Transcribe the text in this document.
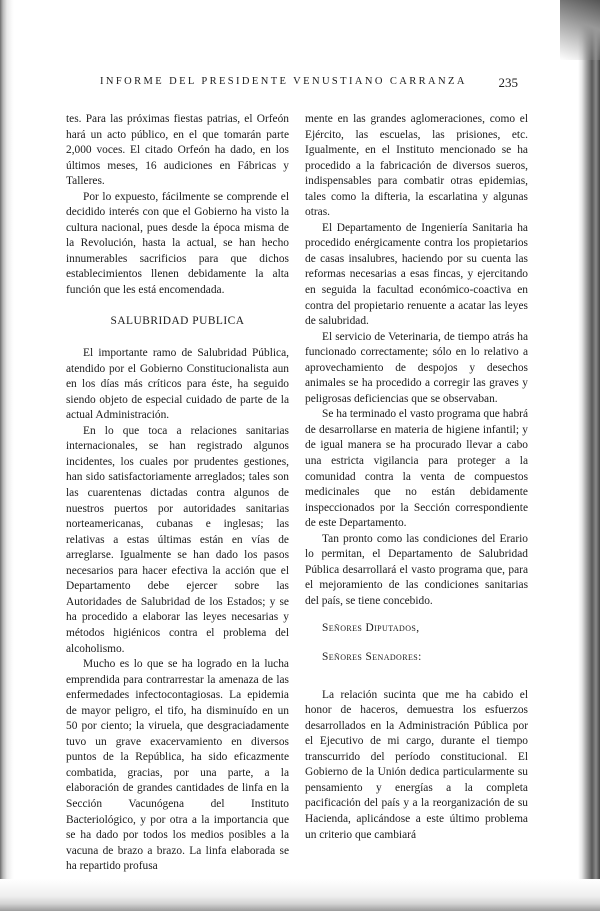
INFORME DEL PRESIDENTE VENUSTIANO CARRANZA 235

tes. Para las próximas fiestas patrias, el Orfeón hará un acto público, en el que tomarán parte 2,000 voces. El citado Orfeón ha dado, en los últimos meses, 16 audiciones en Fábricas y Talleres.

Por lo expuesto, fácilmente se comprende el decidido interés con que el Gobierno ha visto la cultura nacional, pues desde la época misma de la Revolución, hasta la actual, se han hecho innumerables sacrificios para que dichos establecimientos llenen debidamente la alta función que les está encomendada.

SALUBRIDAD PUBLICA

El importante ramo de Salubridad Pública, atendido por el Gobierno Constitucionalista aun en los días más críticos para éste, ha seguido siendo objeto de especial cuidado de parte de la actual Administración.

En lo que toca a relaciones sanitarias internacionales, se han registrado algunos incidentes, los cuales por prudentes gestiones, han sido satisfactoriamente arreglados; tales son las cuarentenas dictadas contra algunos de nuestros puertos por autoridades sanitarias norteamericanas, cubanas e inglesas; las relativas a estas últimas están en vías de arreglarse. Igualmente se han dado los pasos necesarios para hacer efectiva la acción que el Departamento debe ejercer sobre las Autoridades de Salubridad de los Estados; y se ha procedido a elaborar las leyes necesarias y métodos higiénicos contra el problema del alcoholismo.

Mucho es lo que se ha logrado en la lucha emprendida para contrarrestar la amenaza de las enfermedades infectocontagiosas. La epidemia de mayor peligro, el tifo, ha disminuído en un 50 por ciento; la viruela, que desgraciadamente tuvo un grave exacervamiento en diversos puntos de la República, ha sido eficazmente combatida, gracias, por una parte, a la elaboración de grandes cantidades de linfa en la Sección Vacunógena del Instituto Bacteriológico, y por otra a la importancia que se ha dado por todos los medios posibles a la vacuna de brazo a brazo. La linfa elaborada se ha repartido profusa

mente en las grandes aglomeraciones, como el Ejército, las escuelas, las prisiones, etc. Igualmente, en el Instituto mencionado se ha procedido a la fabricación de diversos sueros, indispensables para combatir otras epidemias, tales como la difteria, la escarlatina y algunas otras.

El Departamento de Ingeniería Sanitaria ha procedido enérgicamente contra los propietarios de casas insalubres, haciendo por su cuenta las reformas necesarias a esas fincas, y ejercitando en seguida la facultad económico-coactiva en contra del propietario renuente a acatar las leyes de salubridad.

El servicio de Veterinaria, de tiempo atrás ha funcionado correctamente; sólo en lo relativo a aprovechamiento de despojos y desechos animales se ha procedido a corregir las graves y peligrosas deficiencias que se observaban.

Se ha terminado el vasto programa que habrá de desarrollarse en materia de higiene infantil; y de igual manera se ha procurado llevar a cabo una estricta vigilancia para proteger a la comunidad contra la venta de compuestos medicinales que no están debidamente inspeccionados por la Sección correspondiente de este Departamento.

Tan pronto como las condiciones del Erario lo permitan, el Departamento de Salubridad Pública desarrollará el vasto programa que, para el mejoramiento de las condiciones sanitarias del país, se tiene concebido.

Señores Diputados,

Señores Senadores:

La relación sucinta que me ha cabido el honor de haceros, demuestra los esfuerzos desarrollados en la Administración Pública por el Ejecutivo de mi cargo, durante el tiempo transcurrido del período constitucional. El Gobierno de la Unión dedica particularmente su pensamiento y energías a la completa pacificación del país y a la reorganización de su Hacienda, aplicándose a este último problema un criterio que cambiará
